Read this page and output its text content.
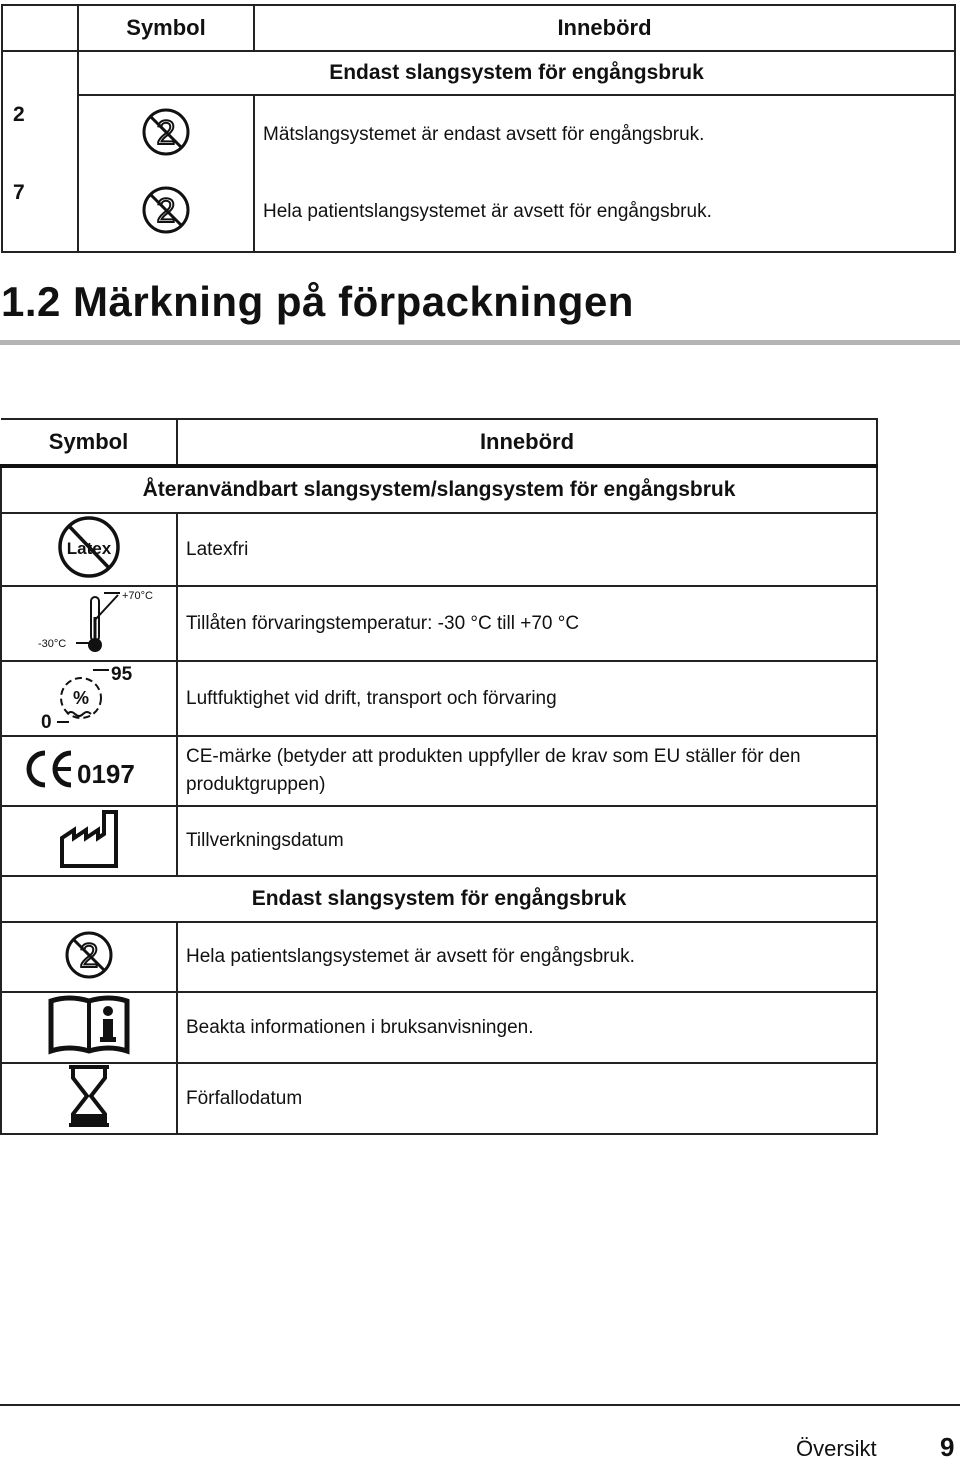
	Symbol	Innebörd
	Endast slangsystem för engångsbruk	
2	2	Mätslangsystemet är endast avsett för engångsbruk.
7	2	Hela patientslangsystemet är avsett för engångsbruk.
1.2 Märkning på förpackningen
Symbol	Innebörd
Återanvändbart slangsystem/slangsystem för engångsbruk	

Latex	Latexfri

+70°C
-30°C	Tillåten förvaringstemperatur: -30 °C till +70 °C

95
0
%	Luftfuktighet vid drift, transport och förvaring

0197	CE-märke (betyder att produkten uppfyller de krav som EU ställer för den produktgruppen)
	Tillverkningsdatum
Endast slangsystem för engångsbruk	

2	Hela patientslangsystemet är avsett för engångsbruk.
	Beakta informationen i bruksanvisningen.
	Förfallodatum
Översikt 9
